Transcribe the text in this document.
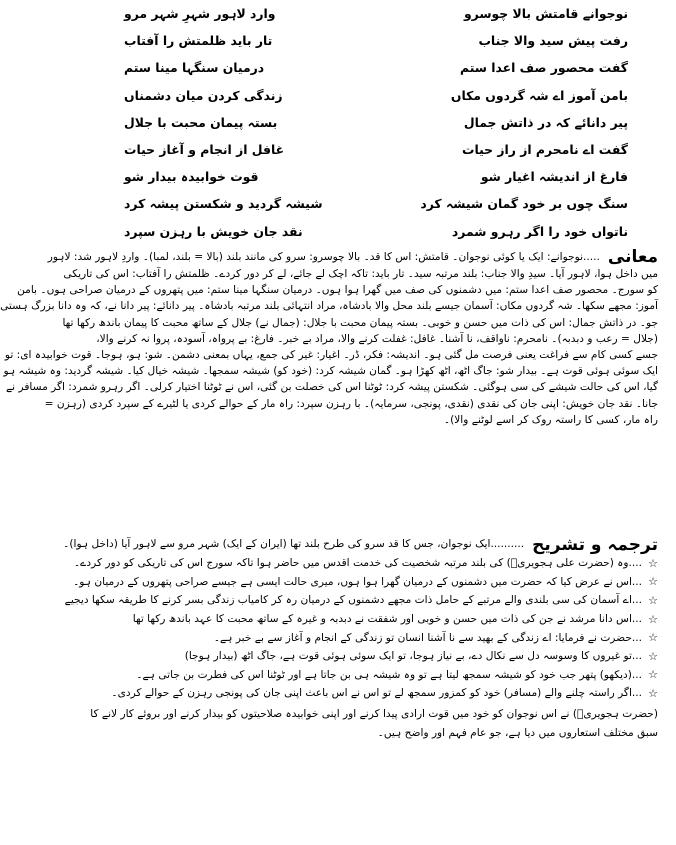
نوجوانے قامتش بالا چوسرو
وارد لاہور شہرِ شہر مرو
رفت پیش سید والا جناب
تار باید ظلمتش را آفتاب
گفت محصور صف اعدا ستم
درمیان سنگہا مینا ستم
بامن آموز اے شہ گردوں مکاں
زندگی کردن میان دشمناں
پیر دانائے کہ در ذاتش جمال
بستہ پیمان محبت با جلال
گفت اے نامحرم از راز حیات
غافل از انجام و آغاز حیات
فارغ از اندیشہ اغیار شو
قوت خوابیدہ بیدار شو
سنگ چوں بر خود گمان شیشہ کرد
شیشہ گردید و شکستن پیشہ کرد
ناتواں خود را اگر رہرو شمرد
نقد جان خویش با رہزن سپرد
معانی
.....نوجوانے: ایک یا کوئی نوجوان۔ قامتش: اس کا قد۔ بالا چوسرو: سرو کی مانند بلند (بالا = بلند، لمبا)۔ واردِ لاہور شد: لاہور
میں داخل ہوا، لاہور آیا۔ سیدِ والا جناب: بلند مرتبہ سید۔ تار باید: تاکہ اچک لے جائے، لے کر دور کردے۔ ظلمتش را آفتاب: اس کی تاریکی
کو سورج۔ محصور صف اعدا ستم: میں دشمنوں کی صف میں گھرا ہوا ہوں۔ درمیان سنگہا مینا ستم: میں پتھروں کے درمیان صراحی ہوں۔ بامن
آموز: مجھے سکھا۔ شہ گردوں مکاں: آسمان جیسے بلند محل والا بادشاہ، مراد انتہائی بلند مرتبہ بادشاہ۔ پیر دانائے: پیر دانا نے، کہ وہ دانا بزرگ ہستی
جو۔ در ذاتش جمال: اس کی ذات میں حسن و خوبی۔ بستہ پیمان محبت با جلال: (جمال نے) جلال کے ساتھ محبت کا پیمان باندھ رکھا تھا
(جلال = رعب و دبدبہ)۔ نامحرم: ناواقف، نا آشنا۔ غافل: غفلت کرنے والا، مراد بے خبر۔ فارغ: بے پرواہ، آسودہ، پروا نہ کرنے والا،
جسے کسی کام سے فراغت یعنی فرصت مل گئی ہو۔ اندیشہ: فکر، ڈر۔ اغیار: غیر کی جمع، یہاں بمعنی دشمن۔ شو: ہو، ہوجا۔ قوت خوابیدہ ای: تو
ایک سوئی ہوئی قوت ہے۔ بیدار شو: جاگ اٹھ، اٹھ کھڑا ہو۔ گمان شیشہ کرد: (خود کو) شیشہ سمجھا۔ شیشہ خیال کیا۔ شیشہ گردید: وہ شیشہ ہو
گیا، اس کی حالت شیشے کی سی ہوگئی۔ شکستن پیشہ کرد: ٹوٹنا اس کی خصلت بن گئی، اس نے ٹوٹنا اختیار کرلی۔ اگر رہرو شمرد: اگر مسافر نے
جانا۔ نقد جان خویش: اپنی جان کی نقدی (نقدی، پونجی، سرمایہ)۔ با رہزن سپرد: راہ مار کے حوالے کردی یا لٹیرے کے سپرد کردی (رہزن =
راہ مار، کسی کا راستہ روک کر اسے لوٹنے والا)۔
ترجمہ و تشریح
..........ایک نوجوان، جس کا قد سرو کی طرح بلند تھا (ایران کے ایک) شہر مرو سے لاہور آیا (داخل ہوا)۔
☆
....وہ (حضرت علی ہجویریؒ) کی بلند مرتبہ شخصیت کی خدمت اقدس میں حاضر ہوا تاکہ سورج اس کی تاریکی کو دور کردے۔
☆
...اس نے عرض کیا کہ حضرت میں دشمنوں کے درمیان گھرا ہوا ہوں، میری حالت ایسی ہے جیسے صراحی پتھروں کے درمیان ہو۔
☆
...اے آسمان کی سی بلندی والے مرتبے کے حامل ذات مجھے دشمنوں کے درمیان رہ کر کامیاب زندگی بسر کرنے کا طریقہ سکھا دیجیے
☆
...اس دانا مرشد نے جن کی ذات میں حسن و خوبی اور شفقت نے دبدبہ و غیرہ کے ساتھ محبت کا عہد باندھ رکھا تھا
☆
...حضرت نے فرمایا: اے زندگی کے بھید سے نا آشنا انسان تو زندگی کے انجام و آغاز سے بے خبر ہے۔
☆
...تو غیروں کا وسوسہ دل سے نکال دے، بے نیاز ہوجا، تو ایک سوئی ہوئی قوت ہے، جاگ اٹھ (بیدار ہوجا)
☆
...(دیکھو) پتھر جب خود کو شیشہ سمجھ لیتا ہے تو وہ شیشہ ہی بن جاتا ہے اور ٹوٹنا اس کی فطرت بن جاتی ہے۔
☆
...اگر راستہ چلنے والے (مسافر) خود کو کمزور سمجھ لے تو اس نے اس باعث اپنی جان کی پونجی رہزن کے حوالے کردی۔
(حضرت ہجویریؒ) نے اس نوجوان کو خود میں قوت ارادی پیدا کرنے اور اپنی خوابیدہ صلاحیتوں کو بیدار کرنے اور بروئے کار لانے کا
سبق مختلف استعاروں میں دیا ہے، جو عام فہم اور واضح ہیں۔
